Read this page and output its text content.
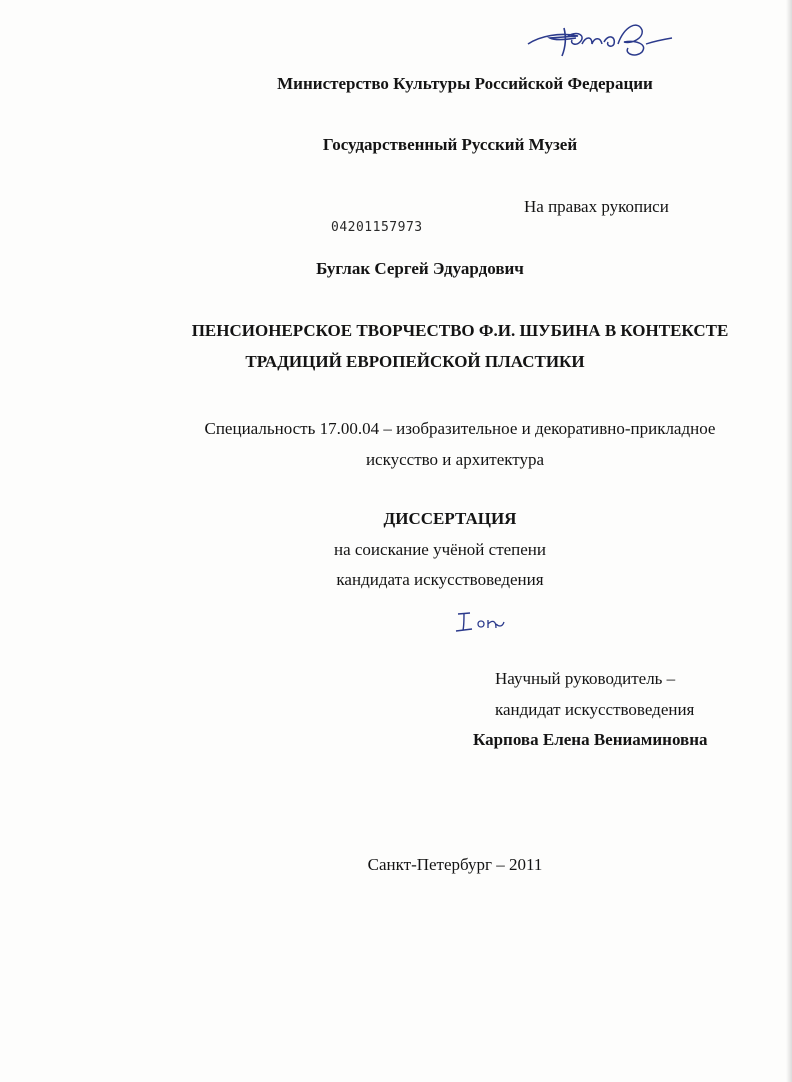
Министерство Культуры Российской Федерации
Государственный Русский Музей
На правах рукописи
04201157973
Буглак Сергей Эдуардович
ПЕНСИОНЕРСКОЕ ТВОРЧЕСТВО Ф.И. ШУБИНА В КОНТЕКСТЕ
ТРАДИЦИЙ ЕВРОПЕЙСКОЙ ПЛАСТИКИ
Специальность 17.00.04 – изобразительное и декоративно-прикладное
искусство и архитектура
ДИССЕРТАЦИЯ
на соискание учёной степени
кандидата искусствоведения
Научный руководитель –
кандидат искусствоведения
Карпова Елена Вениаминовна
Санкт-Петербург – 2011
